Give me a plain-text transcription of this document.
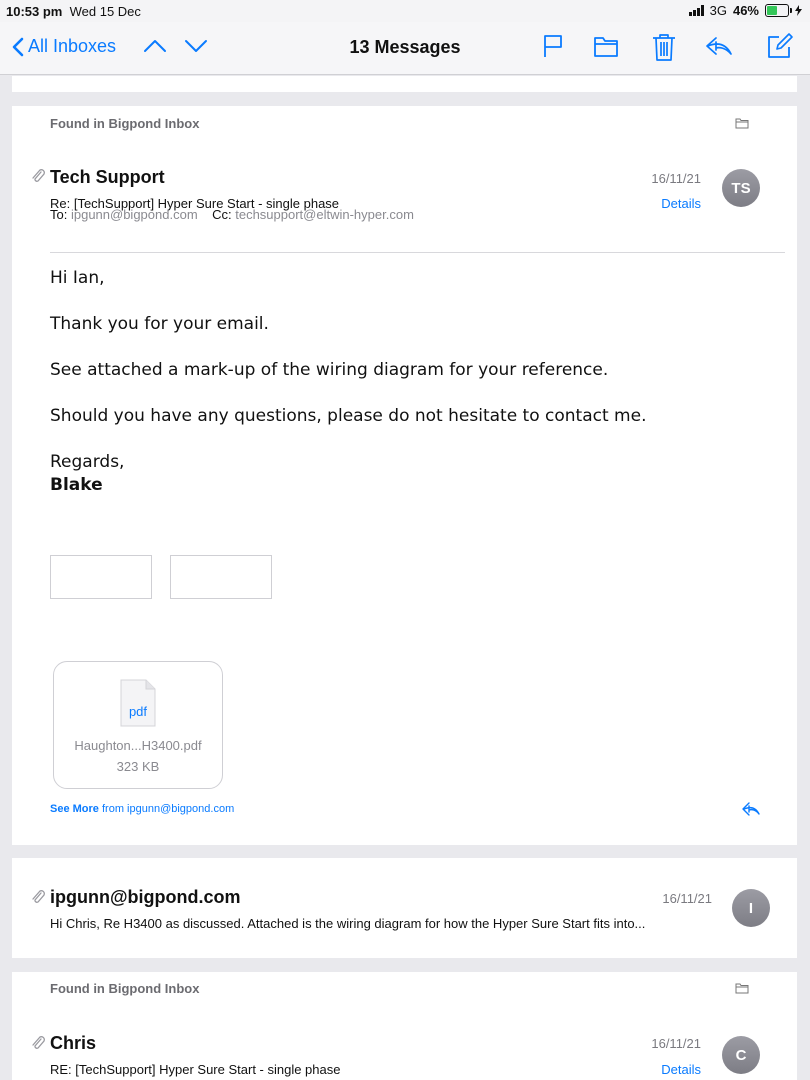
10:53 pm Wed 15 Dec	3G 46%
All Inboxes	13 Messages
Found in Bigpond Inbox
Tech Support
Re: [TechSupport] Hyper Sure Start - single phase
16/11/21
Details
TS
To: ipgunn@bigpond.com Cc: techsupport@eltwin-hyper.com
Hi Ian,
Thank you for your email.
See attached a mark-up of the wiring diagram for your reference.
Should you have any questions, please do not hesitate to contact me.
Regards,
Blake
pdf
Haughton...H3400.pdf
323 KB
See More from ipgunn@bigpond.com
ipgunn@bigpond.com	16/11/21
I
Hi Chris, Re H3400 as discussed. Attached is the wiring diagram for how the Hyper Sure Start fits into...
Found in Bigpond Inbox
Chris
RE: [TechSupport] Hyper Sure Start - single phase
16/11/21
Details
C
